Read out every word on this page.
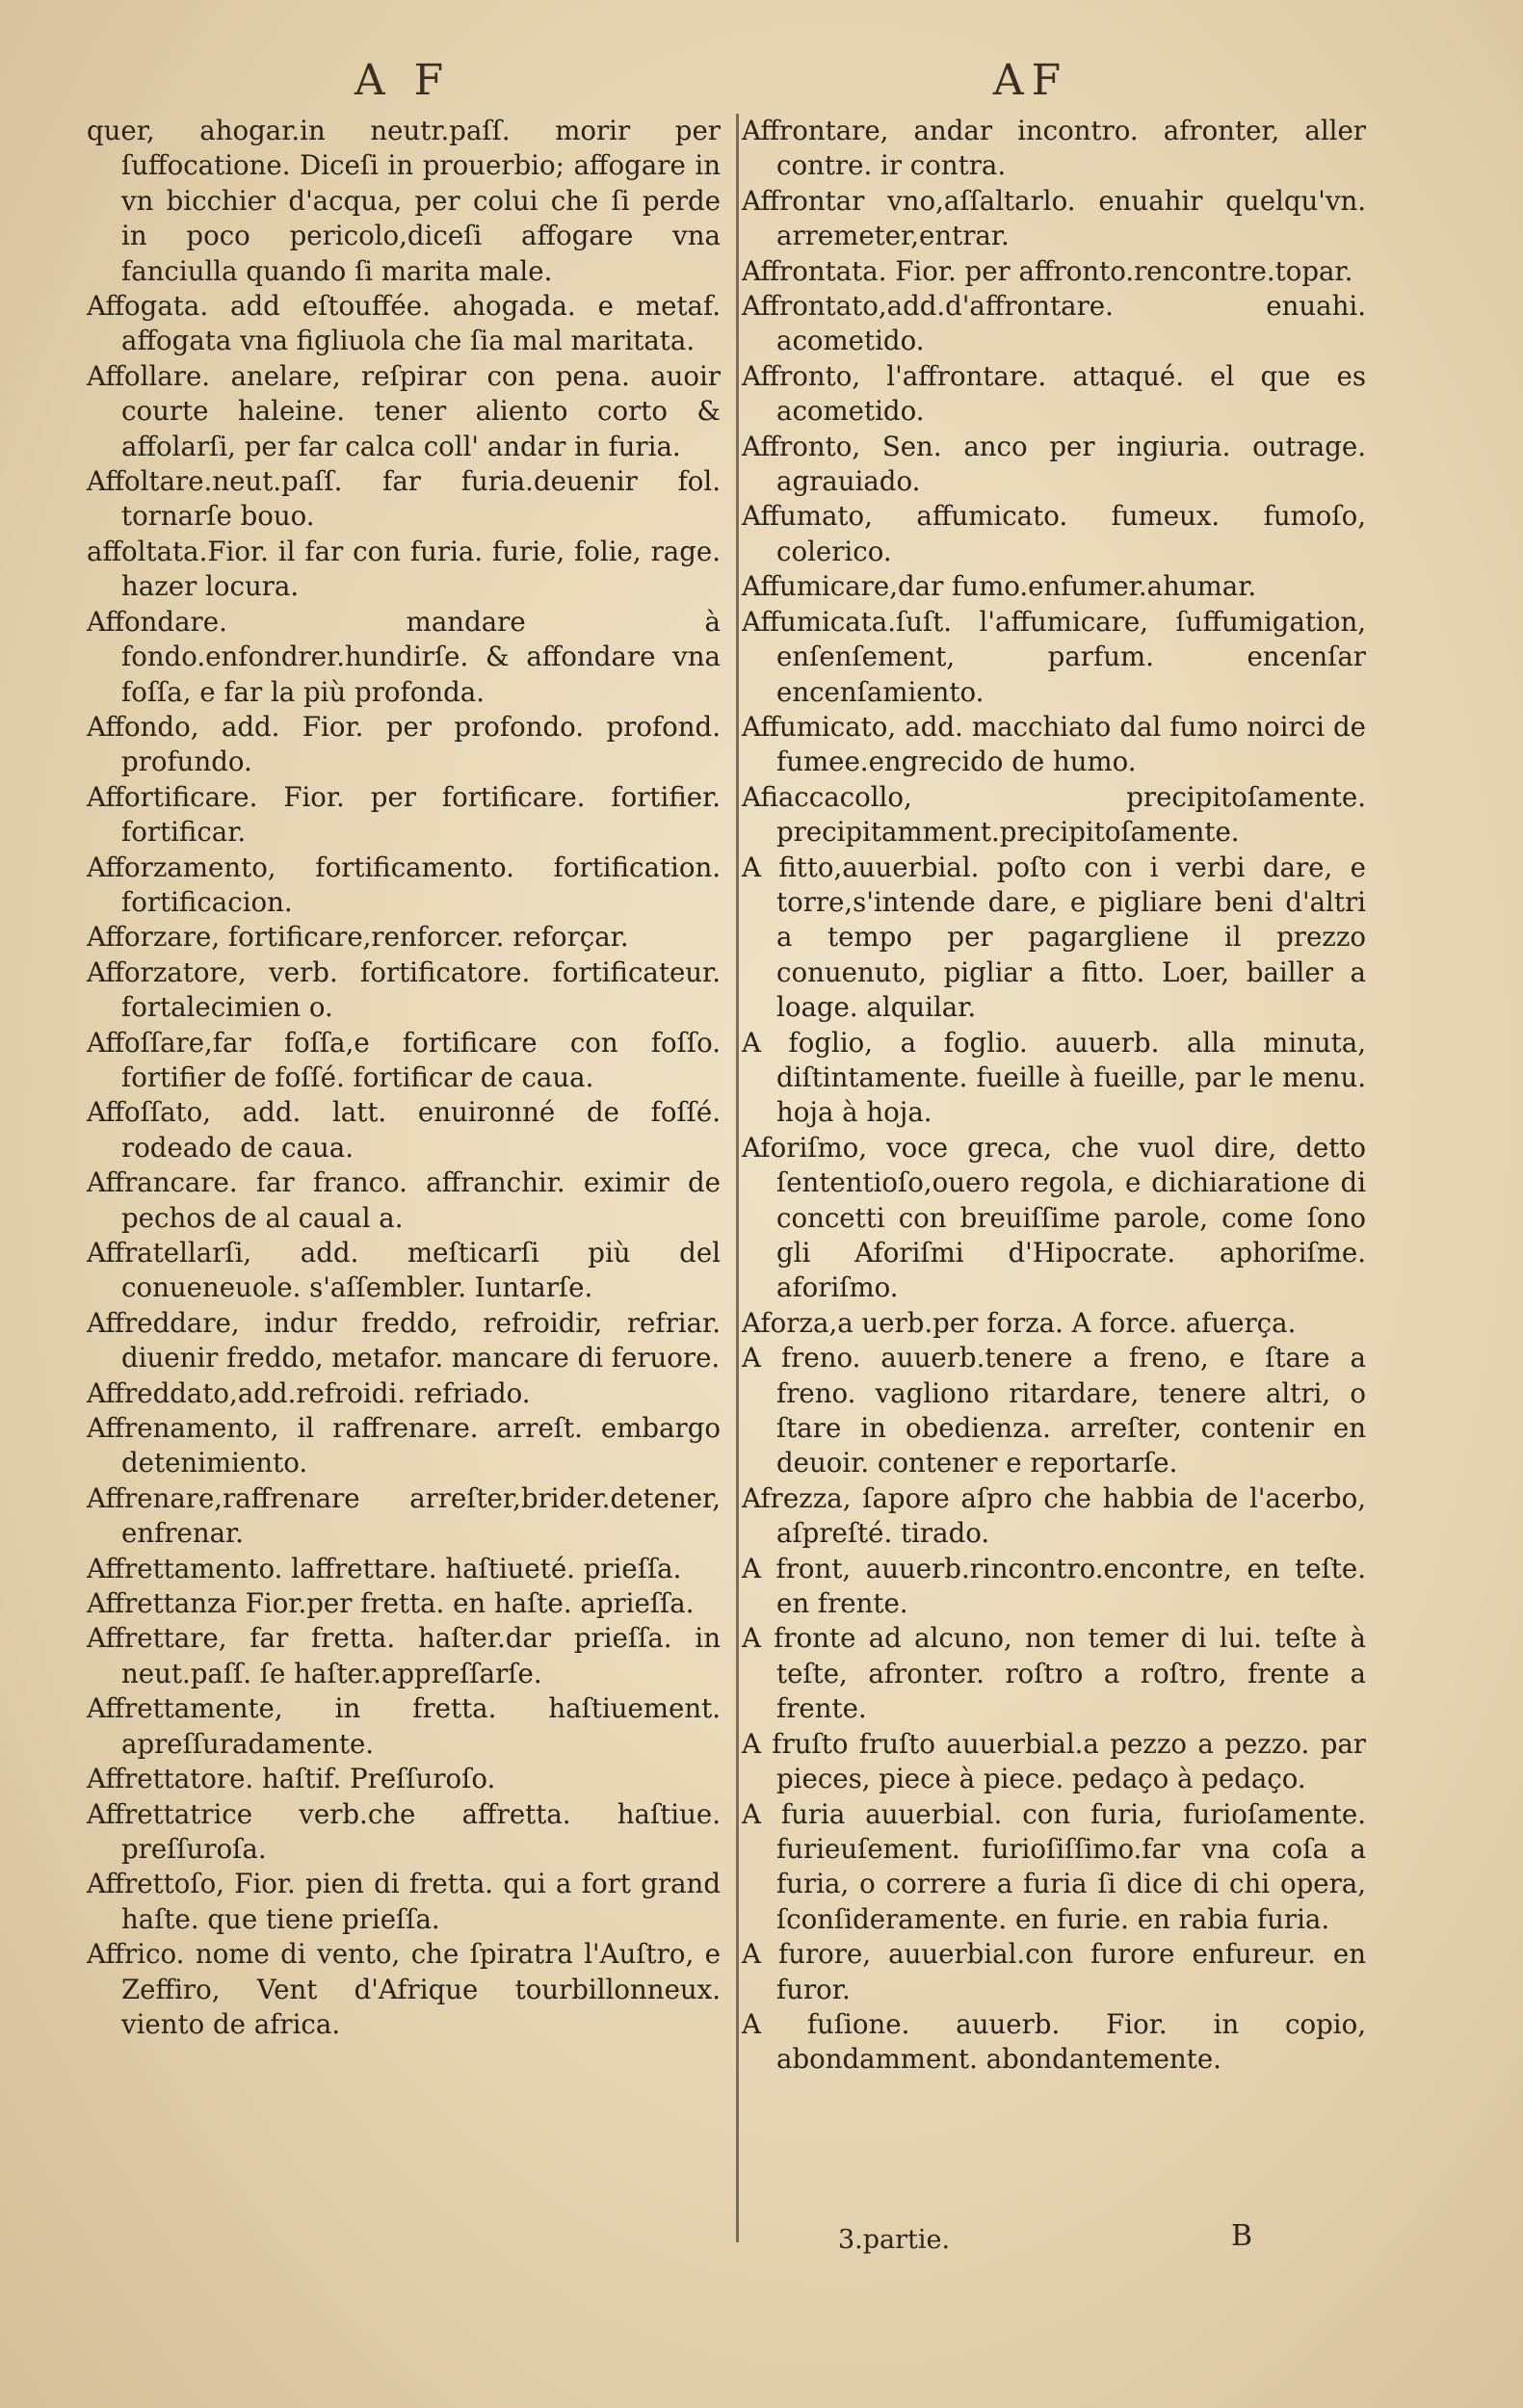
A F	AF

quer, ahogar.in neutr.paſſ. morir per ſuffocatione. Diceſi in prouerbio; affogare in vn bicchier d'acqua, per colui che ſi perde in poco pericolo,diceſi affogare vna fanciulla quando ſi marita male.

Affogata. add eſtouffée. ahogada. e metaf. affogata vna figliuola che ſia mal maritata.

Affollare. anelare, reſpirar con pena. auoir courte haleine. tener aliento corto & affolarſi, per far calca coll' andar in furia.

Affoltare.neut.paſſ. far furia.deuenir fol. tornarſe bouo.

affoltata.Fior. il far con furia. furie, folie, rage. hazer locura.

Affondare. mandare à fondo.enfondrer.hundirſe. & affondare vna foſſa, e far la più profonda.

Affondo, add. Fior. per profondo. profond. profundo.

Affortificare. Fior. per fortificare. fortifier. fortificar.

Afforzamento, fortificamento. fortification. fortificacion.

Afforzare, fortificare,renforcer. reforçar.

Afforzatore, verb. fortificatore. fortificateur. fortalecimien o.

Affoſſare,far foſſa,e fortificare con foſſo. fortifier de foſſé. fortificar de caua.

Affoſſato, add. latt. enuironné de foſſé. rodeado de caua.

Affrancare. far franco. affranchir. eximir de pechos de al caual a.

Affratellarſi, add. meſticarſi più del conueneuole. s'aſſembler. Iuntarſe.

Affreddare, indur freddo, refroidir, refriar. diuenir freddo, metafor. mancare di feruore.

Affreddato,add.refroidi. refriado.

Affrenamento, il raffrenare. arreſt. embargo detenimiento.

Affrenare,raffrenare arreſter,brider.detener, enfrenar.

Affrettamento. laffrettare. haſtiueté. prieſſa.

Affrettanza Fior.per fretta. en haſte. aprieſſa.

Affrettare, far fretta. haſter.dar prieſſa. in neut.paſſ. ſe haſter.appreſſarſe.

Affrettamente, in fretta. haſtiuement. apreſſuradamente.

Affrettatore. haſtif. Preſſuroſo.

Affrettatrice verb.che affretta. haſtiue. preſſuroſa.

Affrettoſo, Fior. pien di fretta. qui a fort grand haſte. que tiene prieſſa.

Affrico. nome di vento, che ſpiratra l'Auſtro, e Zeffiro, Vent d'Afrique tourbillonneux. viento de africa.

Affrontare, andar incontro. afronter, aller contre. ir contra.

Affrontar vno,aſſaltarlo. enuahir quelqu'vn. arremeter,entrar.

Affrontata. Fior. per affronto.rencontre.topar.

Affrontato,add.d'affrontare. enuahi. acometido.

Affronto, l'affrontare. attaqué. el que es acometido.

Affronto, Sen. anco per ingiuria. outrage. agrauiado.

Affumato, affumicato. fumeux. fumoſo, colerico.

Affumicare,dar fumo.enfumer.ahumar.

Affumicata.ſuſt. l'affumicare, ſuffumigation, enſenſement, parfum. encenſar encenſamiento.

Affumicato, add. macchiato dal fumo noirci de fumee.engrecido de humo.

Afiaccacollo, precipitoſamente. precipitamment.precipitoſamente.

A fitto,auuerbial. poſto con i verbi dare, e torre,s'intende dare, e pigliare beni d'altri a tempo per pagargliene il prezzo conuenuto, pigliar a fitto. Loer, bailler a loage. alquilar.

A foglio, a foglio. auuerb. alla minuta, diſtintamente. fueille à fueille, par le menu. hoja à hoja.

Aforiſmo, voce greca, che vuol dire, detto ſententioſo,ouero regola, e dichiaratione di concetti con breuiſſime parole, come ſono gli Aforiſmi d'Hipocrate. aphoriſme. aforiſmo.

Aforza,a uerb.per forza. A force. afuerça.

A freno. auuerb.tenere a freno, e ſtare a freno. vagliono ritardare, tenere altri, o ſtare in obedienza. arreſter, contenir en deuoir. contener e reportarſe.

Afrezza, ſapore aſpro che habbia de l'acerbo, aſpreſté. tirado.

A front, auuerb.rincontro.encontre, en teſte. en frente.

A fronte ad alcuno, non temer di lui. teſte à teſte, afronter. roſtro a roſtro, frente a frente.

A fruſto fruſto auuerbial.a pezzo a pezzo. par pieces, piece à piece. pedaço à pedaço.

A furia auuerbial. con furia, furioſamente. furieuſement. furioſiſſimo.far vna coſa a furia, o correre a furia ſi dice di chi opera, ſconſideramente. en furie. en rabia furia.

A furore, auuerbial.con furore enfureur. en furor.

A fuſione. auuerb. Fior. in copio, abondamment. abondantemente.

3.partie.	B
